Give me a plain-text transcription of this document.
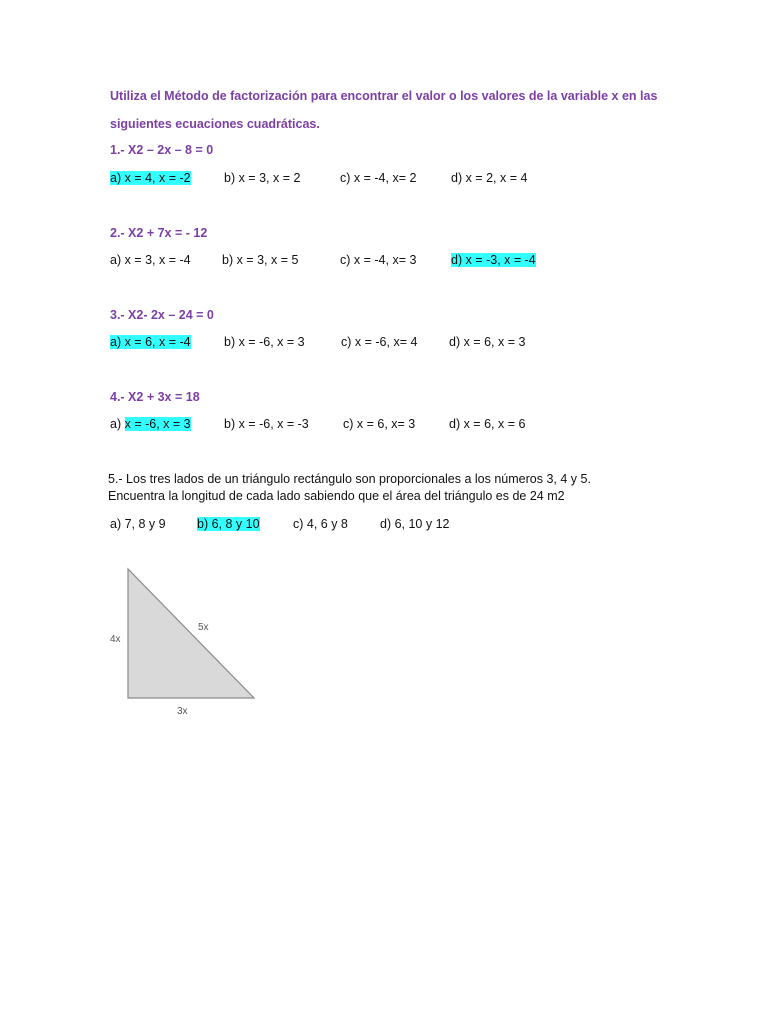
Utiliza el Método de factorización para encontrar el valor o los valores de la variable x en las
siguientes ecuaciones cuadráticas.
1.- X2 – 2x – 8 = 0
a) x = 4, x = -2	b) x = 3, x = 2	c) x = -4, x= 2	d) x = 2, x = 4
2.- X2 + 7x = - 12
a) x = 3, x = -4	b) x = 3, x = 5	c) x = -4, x= 3	d) x = -3, x = -4
3.- X2- 2x – 24 = 0
a) x = 6, x = -4	b) x = -6, x = 3	c) x = -6, x= 4	d) x = 6, x = 3
4.- X2 + 3x = 18
a) x = -6, x = 3	b) x = -6, x = -3	c) x = 6, x= 3	d) x = 6, x = 6
5.- Los tres lados de un triángulo rectángulo son proporcionales a los números 3, 4 y 5.
Encuentra la longitud de cada lado sabiendo que el área del triángulo es de 24 m2
a) 7, 8 y 9	b) 6, 8 y 10	c) 4, 6 y 8	d) 6, 10 y 12
4x
5x
3x
